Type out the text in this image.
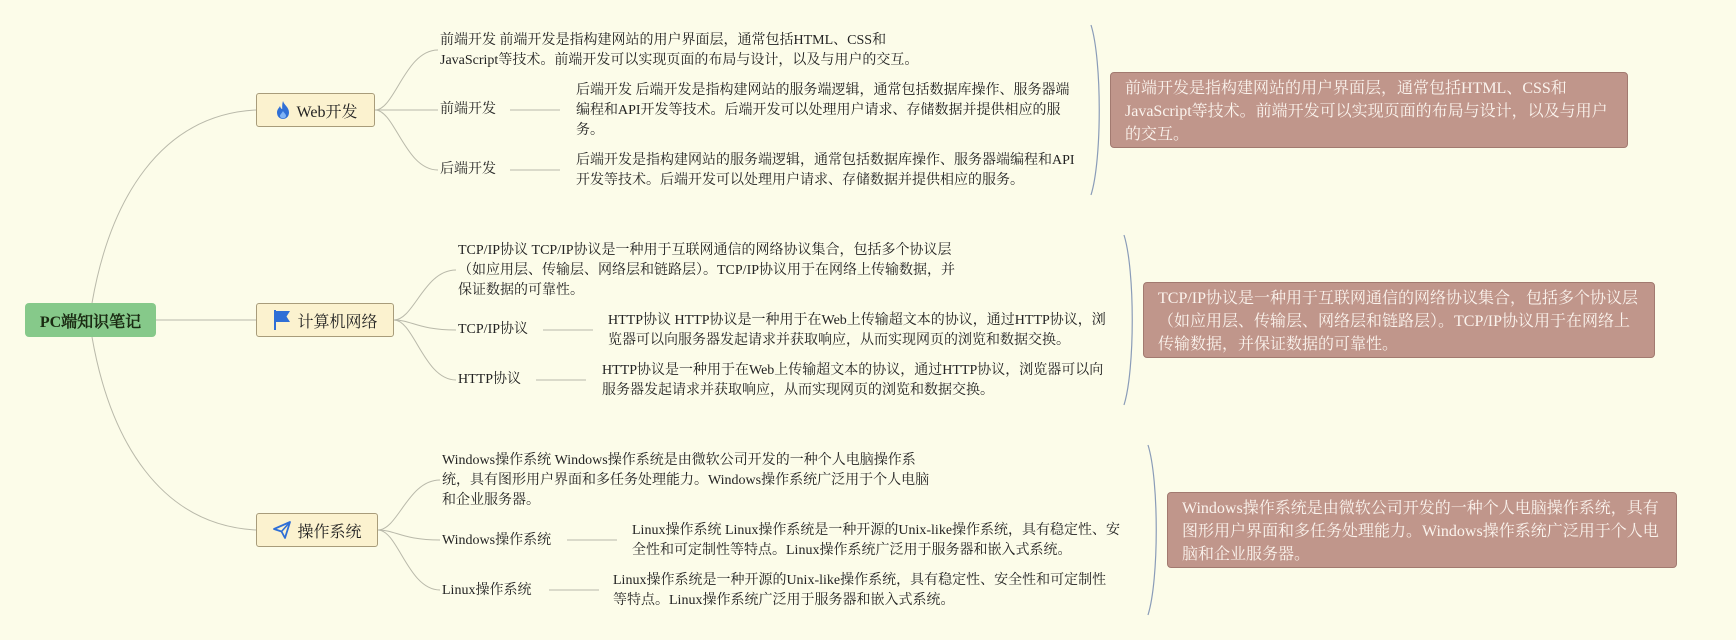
PC端知识笔记
Web开发
前端开发 前端开发是指构建网站的用户界面层，通常包括HTML、CSS和JavaScript等技术。前端开发可以实现页面的布局与设计，以及与用户的交互。
前端开发
后端开发 后端开发是指构建网站的服务端逻辑，通常包括数据库操作、服务器端编程和API开发等技术。后端开发可以处理用户请求、存储数据并提供相应的服务。
后端开发
后端开发是指构建网站的服务端逻辑，通常包括数据库操作、服务器端编程和API开发等技术。后端开发可以处理用户请求、存储数据并提供相应的服务。
前端开发是指构建网站的用户界面层，通常包括HTML、CSS和JavaScript等技术。前端开发可以实现页面的布局与设计，以及与用户的交互。
计算机网络
TCP/IP协议 TCP/IP协议是一种用于互联网通信的网络协议集合，包括多个协议层（如应用层、传输层、网络层和链路层）。TCP/IP协议用于在网络上传输数据，并保证数据的可靠性。
TCP/IP协议
HTTP协议 HTTP协议是一种用于在Web上传输超文本的协议，通过HTTP协议，浏览器可以向服务器发起请求并获取响应，从而实现网页的浏览和数据交换。
HTTP协议
HTTP协议是一种用于在Web上传输超文本的协议，通过HTTP协议，浏览器可以向服务器发起请求并获取响应，从而实现网页的浏览和数据交换。
TCP/IP协议是一种用于互联网通信的网络协议集合，包括多个协议层（如应用层、传输层、网络层和链路层）。TCP/IP协议用于在网络上传输数据，并保证数据的可靠性。
操作系统
Windows操作系统 Windows操作系统是由微软公司开发的一种个人电脑操作系统，具有图形用户界面和多任务处理能力。Windows操作系统广泛用于个人电脑和企业服务器。
Windows操作系统
Linux操作系统 Linux操作系统是一种开源的Unix-like操作系统，具有稳定性、安全性和可定制性等特点。Linux操作系统广泛用于服务器和嵌入式系统。
Linux操作系统
Linux操作系统是一种开源的Unix-like操作系统，具有稳定性、安全性和可定制性等特点。Linux操作系统广泛用于服务器和嵌入式系统。
Windows操作系统是由微软公司开发的一种个人电脑操作系统，具有图形用户界面和多任务处理能力。Windows操作系统广泛用于个人电脑和企业服务器。
